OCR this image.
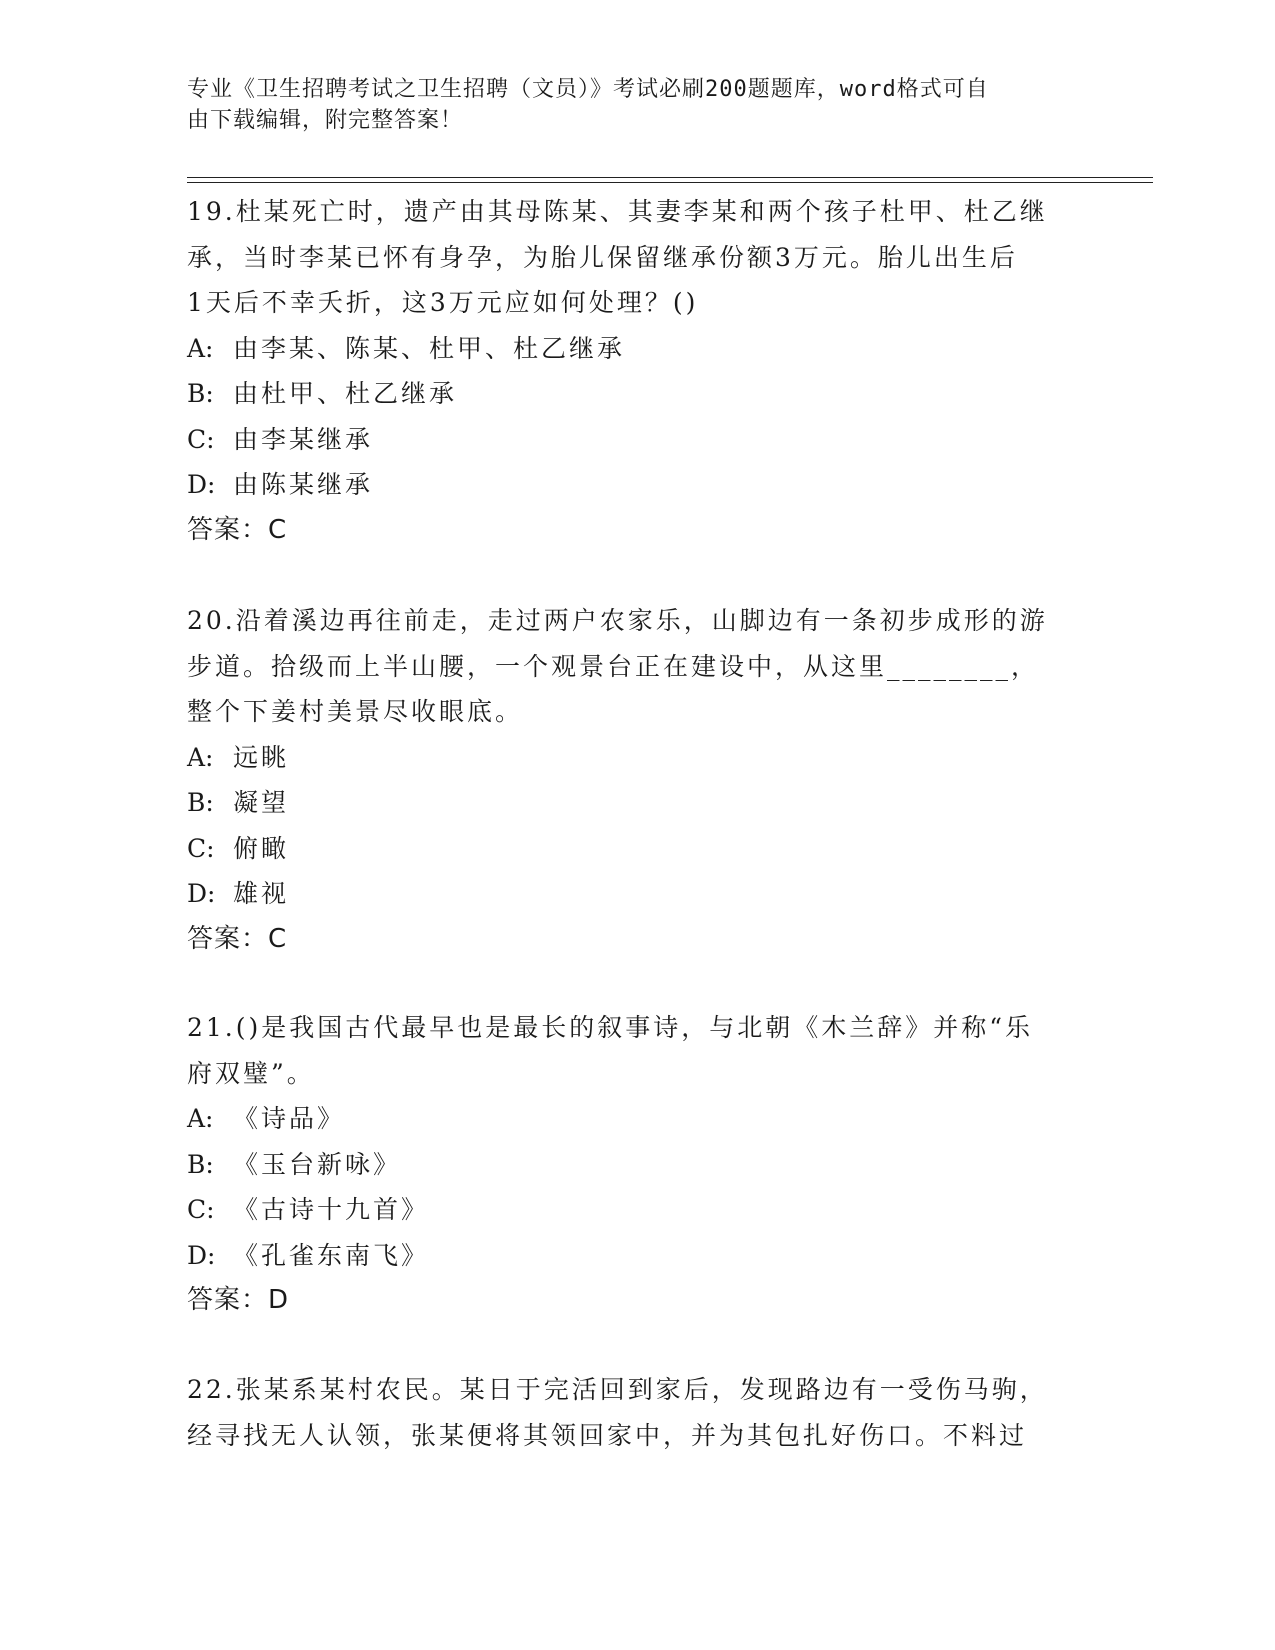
专业《卫生招聘考试之卫生招聘（文员）》考试必刷200题题库，word格式可自
由下载编辑，附完整答案！
19.杜某死亡时，遗产由其母陈某、其妻李某和两个孩子杜甲、杜乙继
承，当时李某已怀有身孕，为胎儿保留继承份额3万元。胎儿出生后
1天后不幸夭折，这3万元应如何处理？()
A: 由李某、陈某、杜甲、杜乙继承
B: 由杜甲、杜乙继承
C: 由李某继承
D: 由陈某继承
答案：C
20.沿着溪边再往前走，走过两户农家乐，山脚边有一条初步成形的游
步道。拾级而上半山腰，一个观景台正在建设中，从这里________，
整个下姜村美景尽收眼底。
A: 远眺
B: 凝望
C: 俯瞰
D: 雄视
答案：C
21.()是我国古代最早也是最长的叙事诗，与北朝《木兰辞》并称“乐
府双璧”。
A: 《诗品》
B: 《玉台新咏》
C: 《古诗十九首》
D: 《孔雀东南飞》
答案：D
22.张某系某村农民。某日于完活回到家后，发现路边有一受伤马驹，
经寻找无人认领，张某便将其领回家中，并为其包扎好伤口。不料过
